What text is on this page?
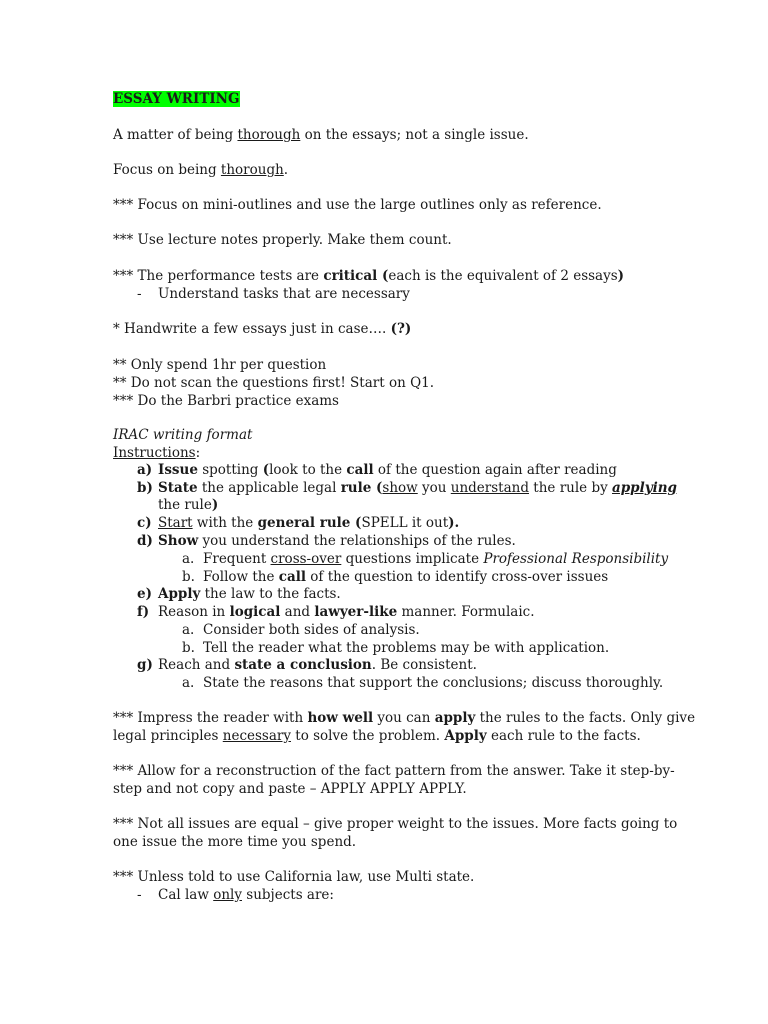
ESSAY WRITING
A matter of being thorough on the essays; not a single issue.
Focus on being thorough.
*** Focus on mini-outlines and use the large outlines only as reference.
*** Use lecture notes properly. Make them count.
*** The performance tests are critical (each is the equivalent of 2 essays)
- Understand tasks that are necessary
* Handwrite a few essays just in case…. (?)
** Only spend 1hr per question
** Do not scan the questions first! Start on Q1.
*** Do the Barbri practice exams
IRAC writing format
Instructions:
a) Issue spotting (look to the call of the question again after reading
b) State the applicable legal rule (show you understand the rule by applying
the rule)
c) Start with the general rule (SPELL it out).
d) Show you understand the relationships of the rules.
a. Frequent cross-over questions implicate Professional Responsibility
b. Follow the call of the question to identify cross-over issues
e) Apply the law to the facts.
f) Reason in logical and lawyer-like manner. Formulaic.
a. Consider both sides of analysis.
b. Tell the reader what the problems may be with application.
g) Reach and state a conclusion. Be consistent.
a. State the reasons that support the conclusions; discuss thoroughly.
*** Impress the reader with how well you can apply the rules to the facts. Only give
legal principles necessary to solve the problem. Apply each rule to the facts.
*** Allow for a reconstruction of the fact pattern from the answer. Take it step-by-
step and not copy and paste – APPLY APPLY APPLY.
*** Not all issues are equal – give proper weight to the issues. More facts going to
one issue the more time you spend.
*** Unless told to use California law, use Multi state.
- Cal law only subjects are:
